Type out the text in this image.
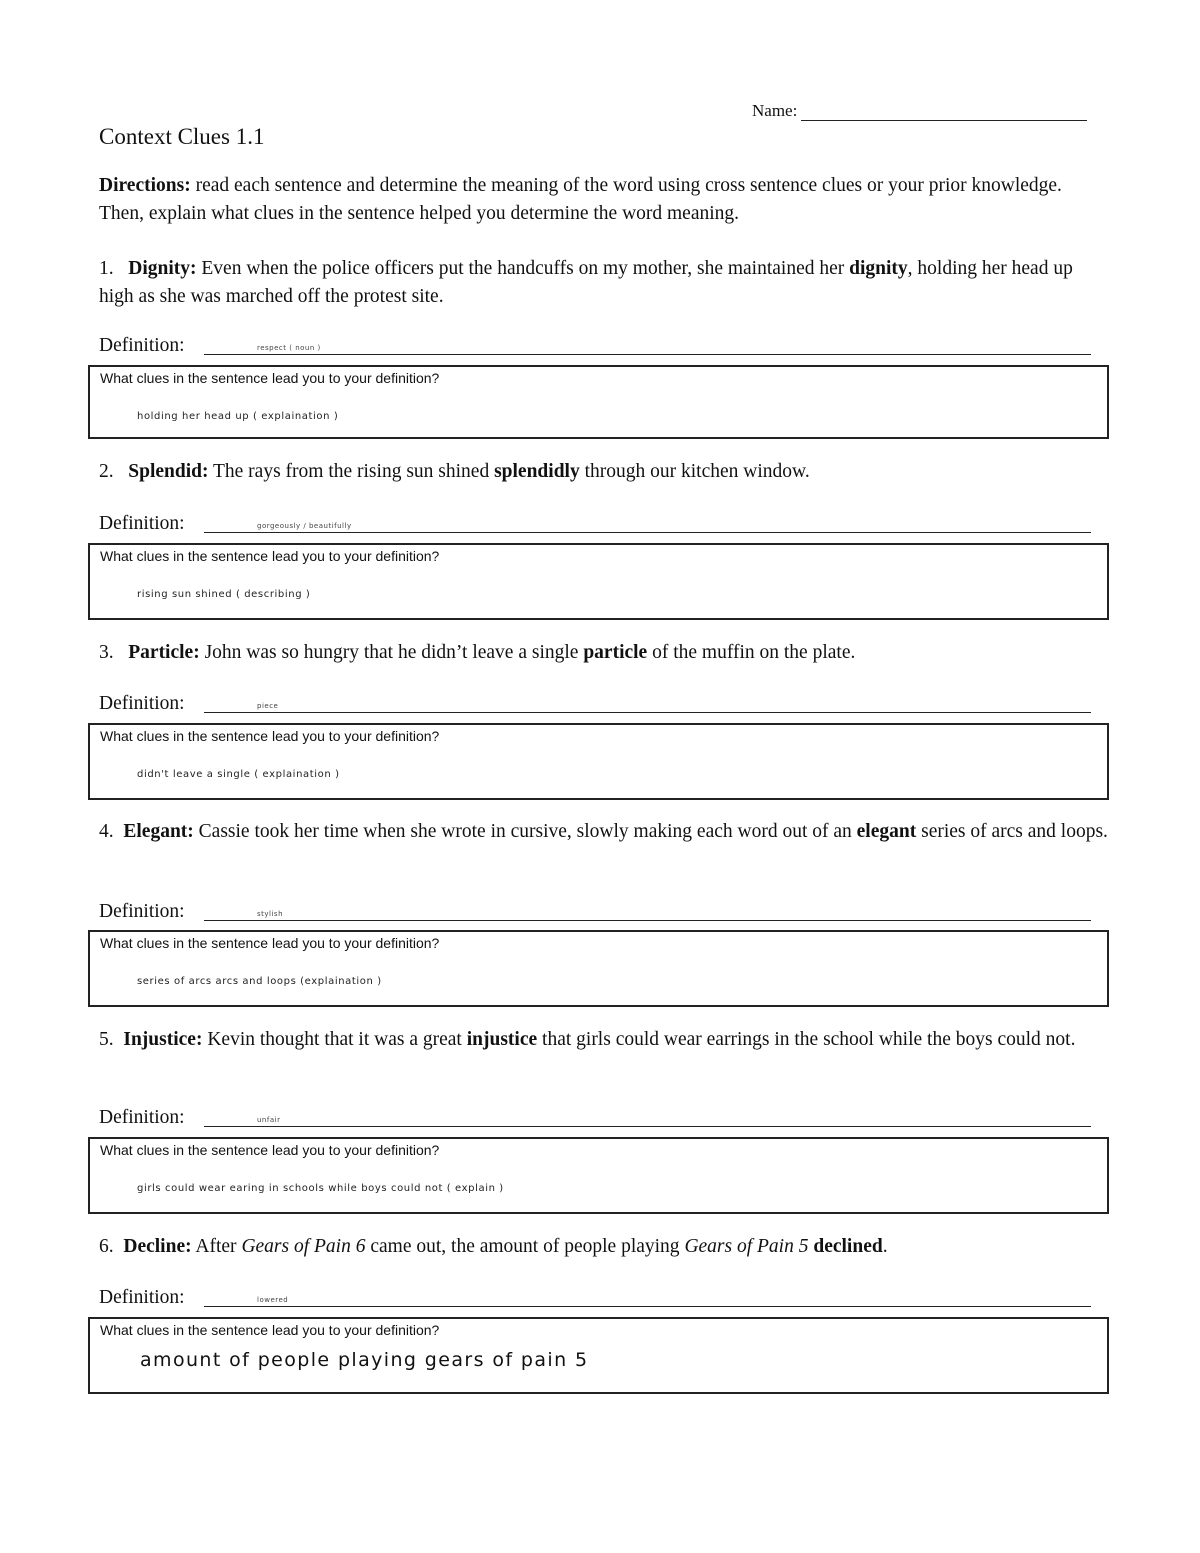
Name:
Context Clues 1.1

Directions: read each sentence and determine the meaning of the word using cross sentence clues or your prior knowledge. Then, explain what clues in the sentence helped you determine the word meaning.

1. Dignity: Even when the police officers put the handcuffs on my mother, she maintained her dignity, holding her head up high as she was marched off the protest site.

Definition:	respect ( noun )
What clues in the sentence lead you to your definition?
holding her head up ( explaination )

2. Splendid: The rays from the rising sun shined splendidly through our kitchen window.

Definition:	gorgeously / beautifully
What clues in the sentence lead you to your definition?
rising sun shined ( describing )

3. Particle: John was so hungry that he didn’t leave a single particle of the muffin on the plate.

Definition:	piece
What clues in the sentence lead you to your definition?
didn't leave a single ( explaination )

4. Elegant: Cassie took her time when she wrote in cursive, slowly making each word out of an elegant series of arcs and loops.

Definition:	stylish
What clues in the sentence lead you to your definition?
series of arcs arcs and loops (explaination )

5. Injustice: Kevin thought that it was a great injustice that girls could wear earrings in the school while the boys could not.

Definition:	unfair
What clues in the sentence lead you to your definition?
girls could wear earing in schools while boys could not ( explain )

6. Decline: After Gears of Pain 6 came out, the amount of people playing Gears of Pain 5 declined.

Definition:	lowered
What clues in the sentence lead you to your definition?
amount of people playing gears of pain 5
